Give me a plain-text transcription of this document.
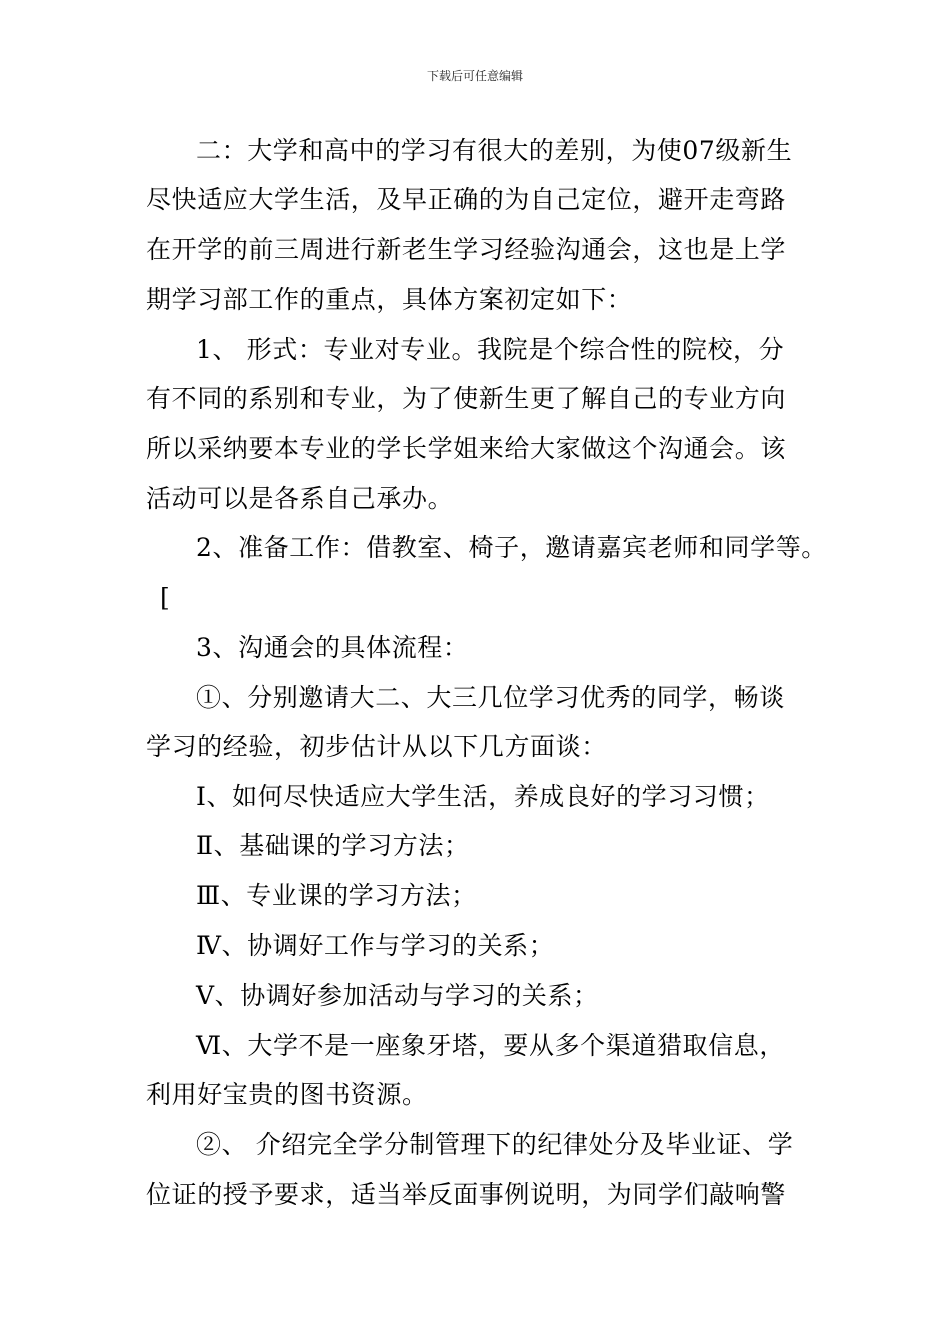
下载后可任意编辑
二：大学和高中的学习有很大的差别，为使07级新生
尽快适应大学生活，及早正确的为自己定位，避开走弯路
在开学的前三周进行新老生学习经验沟通会，这也是上学
期学习部工作的重点，具体方案初定如下：
1、 形式：专业对专业。我院是个综合性的院校，分
有不同的系别和专业，为了使新生更了解自己的专业方向
所以采纳要本专业的学长学姐来给大家做这个沟通会。该
活动可以是各系自己承办。
2、准备工作：借教室、椅子，邀请嘉宾老师和同学等。
[
3、沟通会的具体流程：
①、分别邀请大二、大三几位学习优秀的同学，畅谈
学习的经验，初步估计从以下几方面谈：
Ⅰ、如何尽快适应大学生活，养成良好的学习习惯；
Ⅱ、基础课的学习方法；
Ⅲ、专业课的学习方法；
Ⅳ、协调好工作与学习的关系；
Ⅴ、协调好参加活动与学习的关系；
Ⅵ、大学不是一座象牙塔，要从多个渠道猎取信息，
利用好宝贵的图书资源。
②、 介绍完全学分制管理下的纪律处分及毕业证、学
位证的授予要求，适当举反面事例说明，为同学们敲响警
